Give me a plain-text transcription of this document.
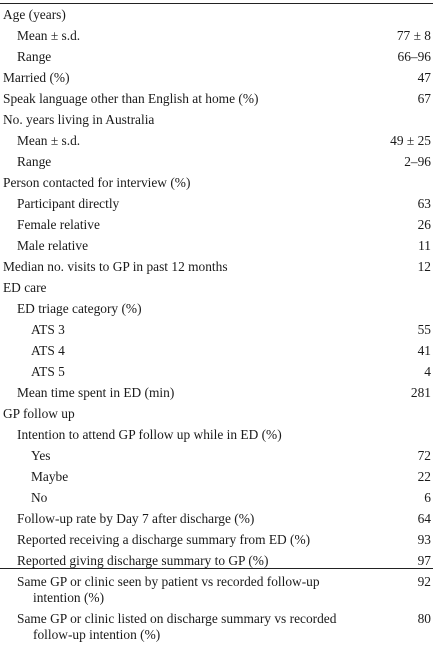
Age (years)	
Mean ± s.d.	77 ± 8
Range	66–96
Married (%)	47
Speak language other than English at home (%)	67
No. years living in Australia	
Mean ± s.d.	49 ± 25
Range	2–96
Person contacted for interview (%)	
Participant directly	63
Female relative	26
Male relative	11
Median no. visits to GP in past 12 months	12
ED care	
ED triage category (%)	
ATS 3	55
ATS 4	41
ATS 5	4
Mean time spent in ED (min)	281
GP follow up	
Intention to attend GP follow up while in ED (%)	
Yes	72
Maybe	22
No	6
Follow-up rate by Day 7 after discharge (%)	64
Reported receiving a discharge summary from ED (%)	93
Reported giving discharge summary to GP (%)	97
Same GP or clinic seen by patient vs recorded follow-up
intention (%)	92
Same GP or clinic listed on discharge summary vs recorded
follow-up intention (%)	80
